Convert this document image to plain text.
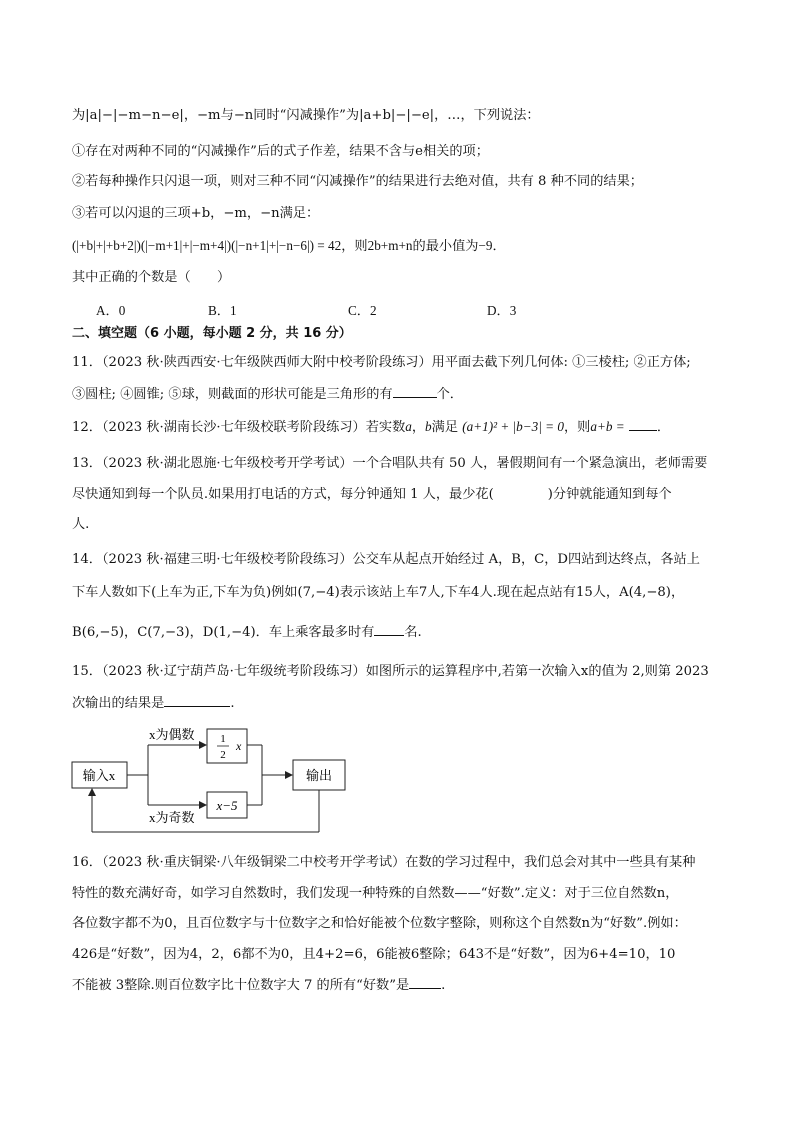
为|a|−|−m−n−e|，−m与−n同时“闪减操作”为|a+b|−|−e|，…，下列说法：
①存在对两种不同的“闪减操作”后的式子作差，结果不含与e相关的项；
②若每种操作只闪退一项，则对三种不同“闪减操作”的结果进行去绝对值，共有 8 种不同的结果；
③若可以闪退的三项+b，−m，−n满足：
(|+b|+|+b+2|)(|−m+1|+|−m+4|)(|−n+1|+|−n−6|) = 42，则2b+m+n的最小值为−9．
其中正确的个数是（　　）
A．0	B．1	C．2	D．3
二、填空题（6 小题，每小题 2 分，共 16 分）
11．（2023 秋·陕西西安·七年级陕西师大附中校考阶段练习）用平面去截下列几何体: ①三棱柱; ②正方体;
③圆柱; ④圆锥; ⑤球，则截面的形状可能是三角形的有	个．
12．（2023 秋·湖南长沙·七年级校联考阶段练习）若实数a，b满足 (a+1)² + |b−3| = 0，则a+b = ．
13．（2023 秋·湖北恩施·七年级校考开学考试）一个合唱队共有 50 人，暑假期间有一个紧急演出，老师需要
尽快通知到每一个队员.如果用打电话的方式，每分钟通知 1 人，最少花(	)分钟就能通知到每个
人.
14．（2023 秋·福建三明·七年级校考阶段练习）公交车从起点开始经过 A，B，C，D四站到达终点，各站上
下车人数如下(上车为正,下车为负)例如(7,−4)表示该站上车7人,下车4人.现在起点站有15人，A(4,−8)，
B(6,−5)，C(7,−3)，D(1,−4)．车上乘客最多时有 名.
15．（2023 秋·辽宁葫芦岛·七年级统考阶段练习）如图所示的运算程序中,若第一次输入x的值为 2,则第 2023
次输出的结果是	.
输入x
x为偶数
x为奇数
1
2
x
x−5
输出
16．（2023 秋·重庆铜梁·八年级铜梁二中校考开学考试）在数的学习过程中，我们总会对其中一些具有某种
特性的数充满好奇，如学习自然数时，我们发现一种特殊的自然数——“好数”.定义：对于三位自然数n，
各位数字都不为0，且百位数字与十位数字之和恰好能被个位数字整除，则称这个自然数n为“好数”.例如：
426是“好数”，因为4，2，6都不为0，且4+2=6，6能被6整除；643不是“好数”，因为6+4=10，10
不能被 3整除.则百位数字比十位数字大 7 的所有“好数”是 .
